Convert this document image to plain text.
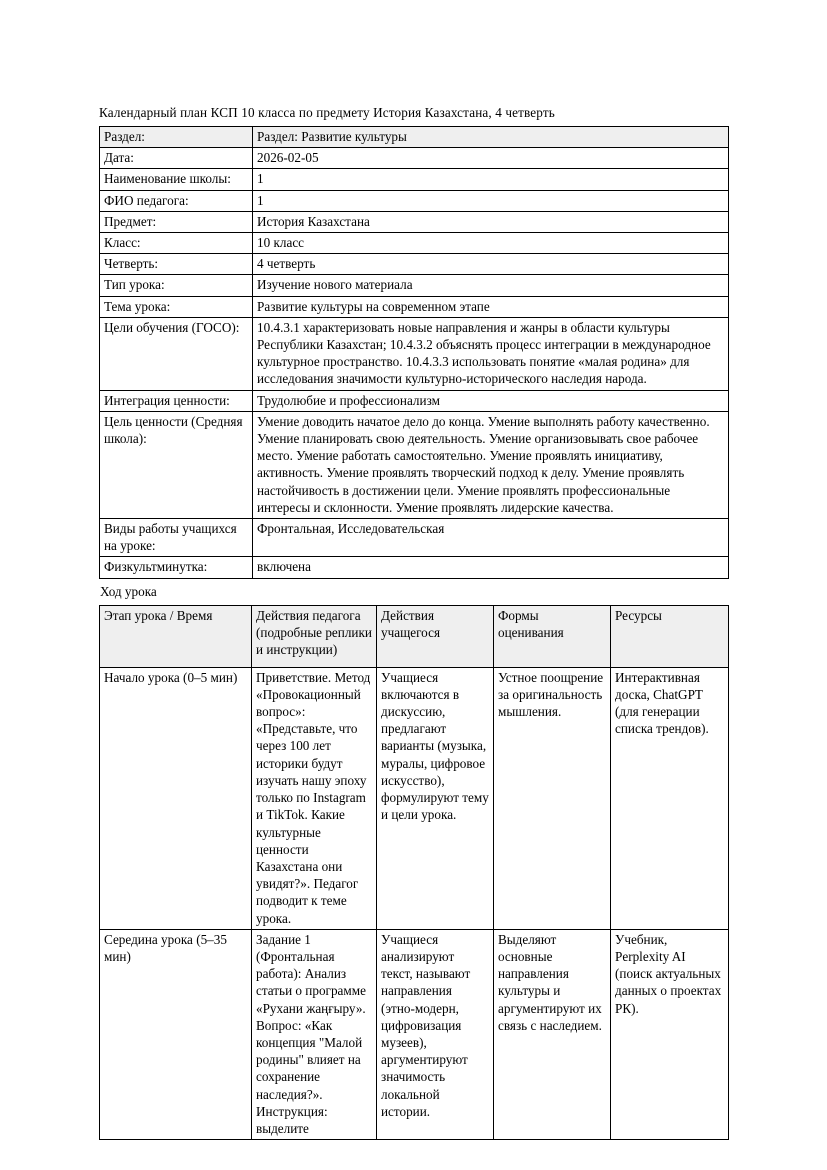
Календарный план КСП 10 класса по предмету История Казахстана, 4 четверть

Раздел:	Раздел: Развитие культуры
Дата:	2026-02-05
Наименование школы:	1
ФИО педагога:	1
Предмет:	История Казахстана
Класс:	10 класс
Четверть:	4 четверть
Тип урока:	Изучение нового материала
Тема урока:	Развитие культуры на современном этапе
Цели обучения (ГОСО):	10.4.3.1 характеризовать новые направления и жанры в области культуры Республики Казахстан; 10.4.3.2 объяснять процесс интеграции в международное культурное пространство. 10.4.3.3 использовать понятие «малая родина» для исследования значимости культурно-исторического наследия народа.
Интеграция ценности:	Трудолюбие и профессионализм
Цель ценности (Средняя школа):	Умение доводить начатое дело до конца. Умение выполнять работу качественно. Умение планировать свою деятельность. Умение организовывать свое рабочее место. Умение работать самостоятельно. Умение проявлять инициативу, активность. Умение проявлять творческий подход к делу. Умение проявлять настойчивость в достижении цели. Умение проявлять профессиональные интересы и склонности. Умение проявлять лидерские качества.
Виды работы учащихся на уроке:	Фронтальная, Исследовательская
Физкультминутка:	включена

Ход урока

Этап урока / Время	Действия педагога (подробные реплики и инструкции)	Действия учащегося	Формы оценивания	Ресурсы
Начало урока (0–5 мин)	Приветствие. Метод «Провокационный вопрос»: «Представьте, что через 100 лет историки будут изучать нашу эпоху только по Instagram и TikTok. Какие культурные ценности Казахстана они увидят?». Педагог подводит к теме урока.	Учащиеся включаются в дискуссию, предлагают варианты (музыка, муралы, цифровое искусство), формулируют тему и цели урока.	Устное поощрение за оригинальность мышления.	Интерактивная доска, ChatGPT (для генерации списка трендов).
Середина урока (5–35 мин)	Задание 1 (Фронтальная работа): Анализ статьи о программе «Рухани жаңғыру». Вопрос: «Как концепция "Малой родины" влияет на сохранение наследия?». Инструкция: выделите	Учащиеся анализируют текст, называют направления (этно-модерн, цифровизация музеев), аргументируют значимость локальной истории.	Выделяют основные направления культуры и аргументируют их связь с наследием.	Учебник, Perplexity AI (поиск актуальных данных о проектах РК).
